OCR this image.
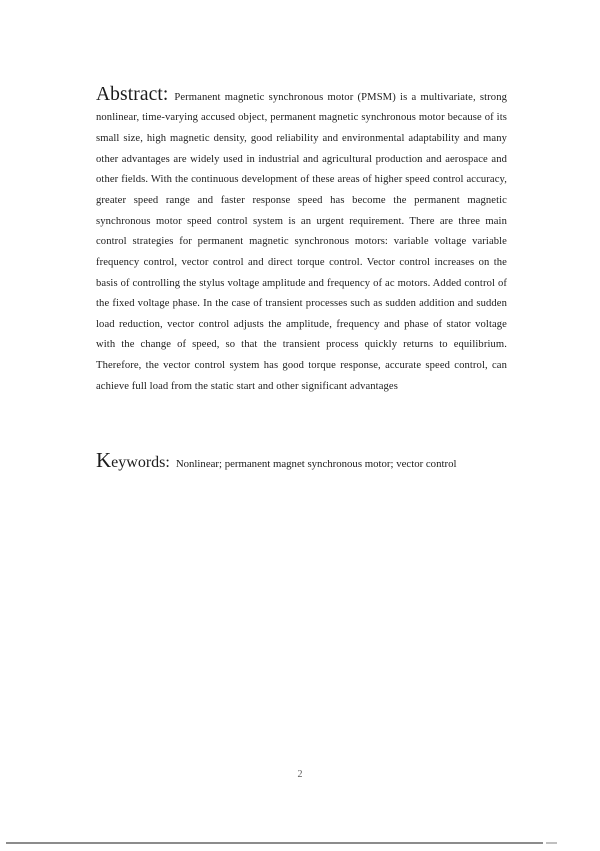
Abstract: Permanent magnetic synchronous motor (PMSM) is a multivariate, strong nonlinear, time-varying accused object, permanent magnetic synchronous motor because of its small size, high magnetic density, good reliability and environmental adaptability and many other advantages are widely used in industrial and agricultural production and aerospace and other fields. With the continuous development of these areas of higher speed control accuracy, greater speed range and faster response speed has become the permanent magnetic synchronous motor speed control system is an urgent requirement. There are three main control strategies for permanent magnetic synchronous motors: variable voltage variable frequency control, vector control and direct torque control. Vector control increases on the basis of controlling the stylus voltage amplitude and frequency of ac motors. Added control of the fixed voltage phase. In the case of transient processes such as sudden addition and sudden load reduction, vector control adjusts the amplitude, frequency and phase of stator voltage with the change of speed, so that the transient process quickly returns to equilibrium. Therefore, the vector control system has good torque response, accurate speed control, can achieve full load from the static start and other significant advantages

Keywords: Nonlinear; permanent magnet synchronous motor; vector control

2
